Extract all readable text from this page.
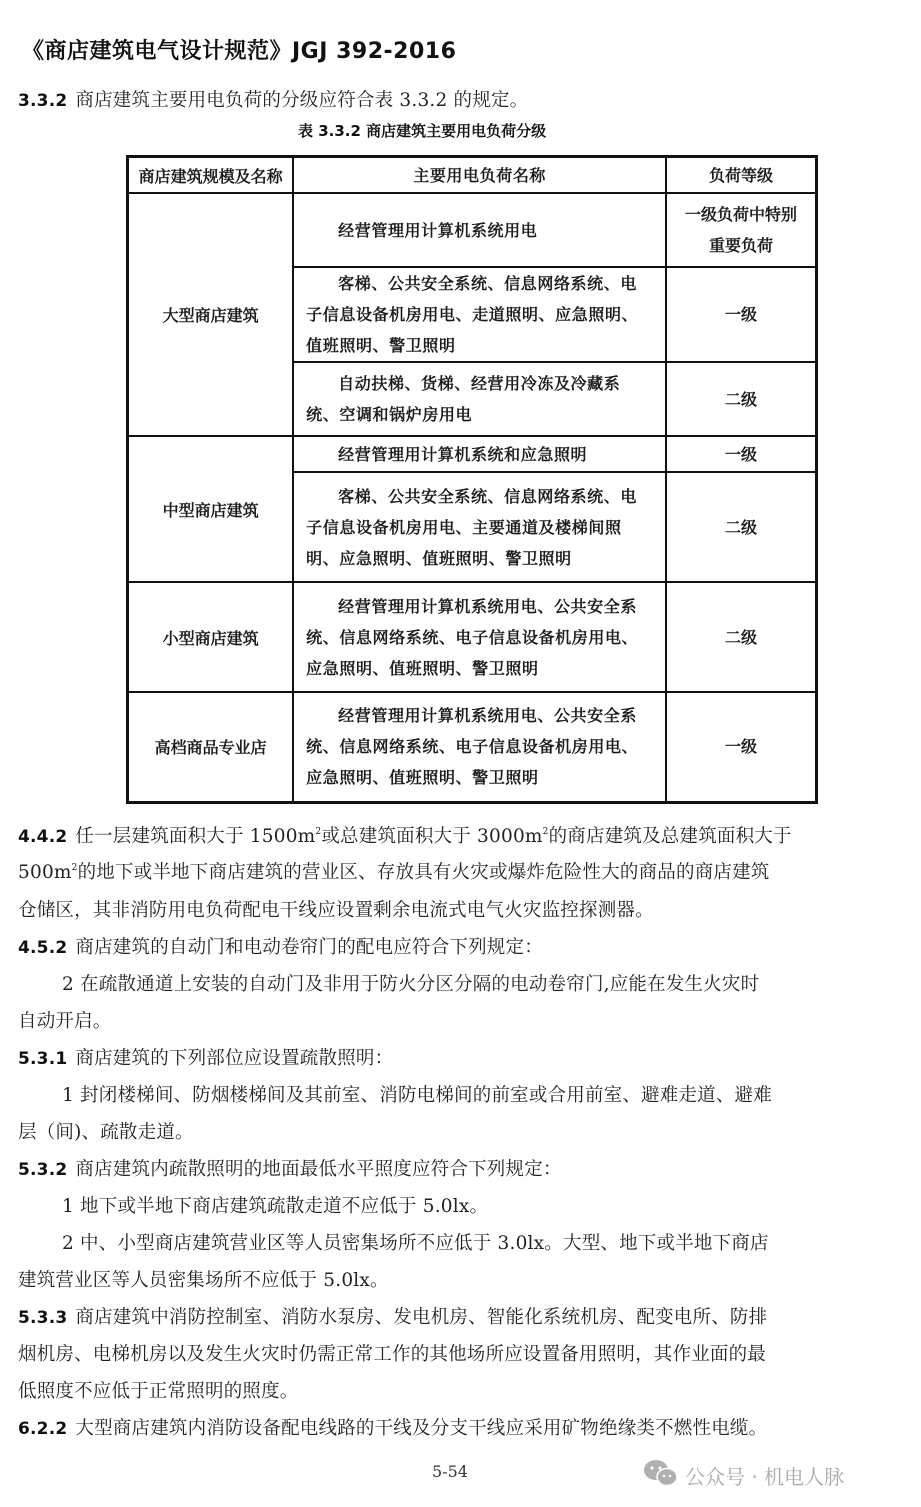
《商店建筑电气设计规范》JGJ 392-2016
3.3.2 商店建筑主要用电负荷的分级应符合表 3.3.2 的规定。
表 3.3.2 商店建筑主要用电负荷分级
商店建筑规模及名称	主要用电负荷名称	负荷等级
大型商店建筑	经营管理用计算机系统用电	一级负荷中特别重要负荷

	客梯、公共安全系统、信息网络系统、电子信息设备机房用电、走道照明、应急照明、值班照明、警卫照明	一级

	自动扶梯、货梯、经营用冷冻及冷藏系统、空调和锅炉房用电	二级
中型商店建筑	经营管理用计算机系统和应急照明	一级

	客梯、公共安全系统、信息网络系统、电子信息设备机房用电、主要通道及楼梯间照明、应急照明、值班照明、警卫照明	二级
小型商店建筑	经营管理用计算机系统用电、公共安全系统、信息网络系统、电子信息设备机房用电、应急照明、值班照明、警卫照明	二级
高档商品专业店	经营管理用计算机系统用电、公共安全系统、信息网络系统、电子信息设备机房用电、应急照明、值班照明、警卫照明	一级
4.4.2 任一层建筑面积大于 $1500m^2$或总建筑面积大于 $3000m^2$的商店建筑及总建筑面积大于
$500m^2$的地下或半地下商店建筑的营业区、存放具有火灾或爆炸危险性大的商品的商店建筑
仓储区，其非消防用电负荷配电干线应设置剩余电流式电气火灾监控探测器。
4.5.2 商店建筑的自动门和电动卷帘门的配电应符合下列规定：
2 在疏散通道上安装的自动门及非用于防火分区分隔的电动卷帘门,应能在发生火灾时
自动开启。
5.3.1 商店建筑的下列部位应设置疏散照明：
1 封闭楼梯间、防烟楼梯间及其前室、消防电梯间的前室或合用前室、避难走道、避难
层（间)、疏散走道。
5.3.2 商店建筑内疏散照明的地面最低水平照度应符合下列规定：
1 地下或半地下商店建筑疏散走道不应低于 5.0lx。
2 中、小型商店建筑营业区等人员密集场所不应低于 3.0lx。大型、地下或半地下商店
建筑营业区等人员密集场所不应低于 5.0lx。
5.3.3 商店建筑中消防控制室、消防水泵房、发电机房、智能化系统机房、配变电所、防排
烟机房、电梯机房以及发生火灾时仍需正常工作的其他场所应设置备用照明，其作业面的最
低照度不应低于正常照明的照度。
6.2.2 大型商店建筑内消防设备配电线路的干线及分支干线应采用矿物绝缘类不燃性电缆。
5-54	公众号 · 机电人脉
